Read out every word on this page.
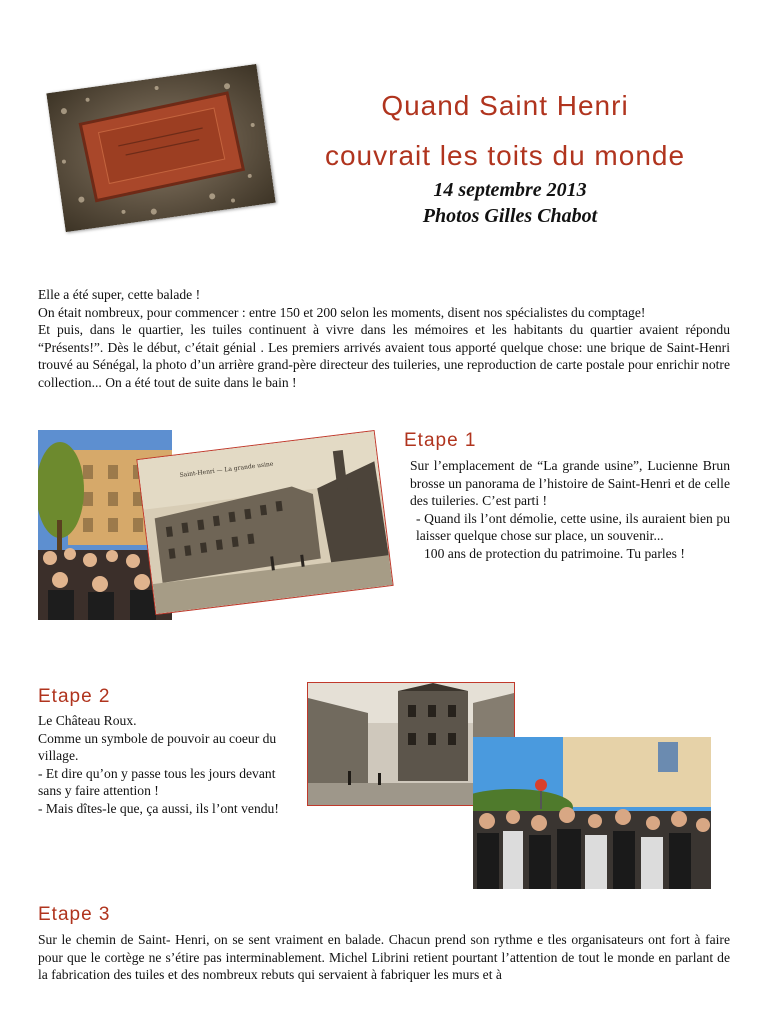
Quand Saint Henri
couvrait les toits du monde
14 septembre 2013
Photos Gilles Chabot
Elle a été super, cette balade !
On était nombreux, pour commencer : entre 150 et 200 selon les moments, disent nos spécialistes du comptage!
Et puis, dans le quartier, les tuiles continuent à vivre dans les mémoires et les habitants du quartier avaient répondu “Présents!”. Dès le début, c’était génial . Les premiers arrivés avaient tous apporté quelque chose: une brique de Saint-Henri trouvé au Sénégal, la photo d’un arrière grand-père directeur des tuileries, une reproduction de carte postale pour enrichir notre collection... On a été tout de suite dans le bain !
Saint-Henri — La grande usine
Etape 1
Sur l’emplacement de “La grande usine”, Lucienne Brun brosse un panorama de l’histoire de Saint-Henri et de celle des tuileries. C’est parti !
- Quand ils l’ont démolie, cette usine, ils auraient bien pu laisser quelque chose sur place, un souvenir...
100 ans de protection du patrimoine. Tu parles !
Etape 2
Le Château Roux.
Comme un symbole de pouvoir au coeur du village.
- Et dire qu’on y passe tous les jours devant sans y faire attention !
- Mais dîtes-le que, ça aussi, ils l’ont vendu!
Etape 3
Sur le chemin de Saint- Henri, on se sent vraiment en balade. Chacun prend son rythme e tles organisateurs ont fort à faire pour que le cortège ne s’étire pas interminablement. Michel Librini retient pourtant l’attention de tout le monde en parlant de la fabrication des tuiles et des nombreux rebuts qui servaient à fabriquer les murs et à
